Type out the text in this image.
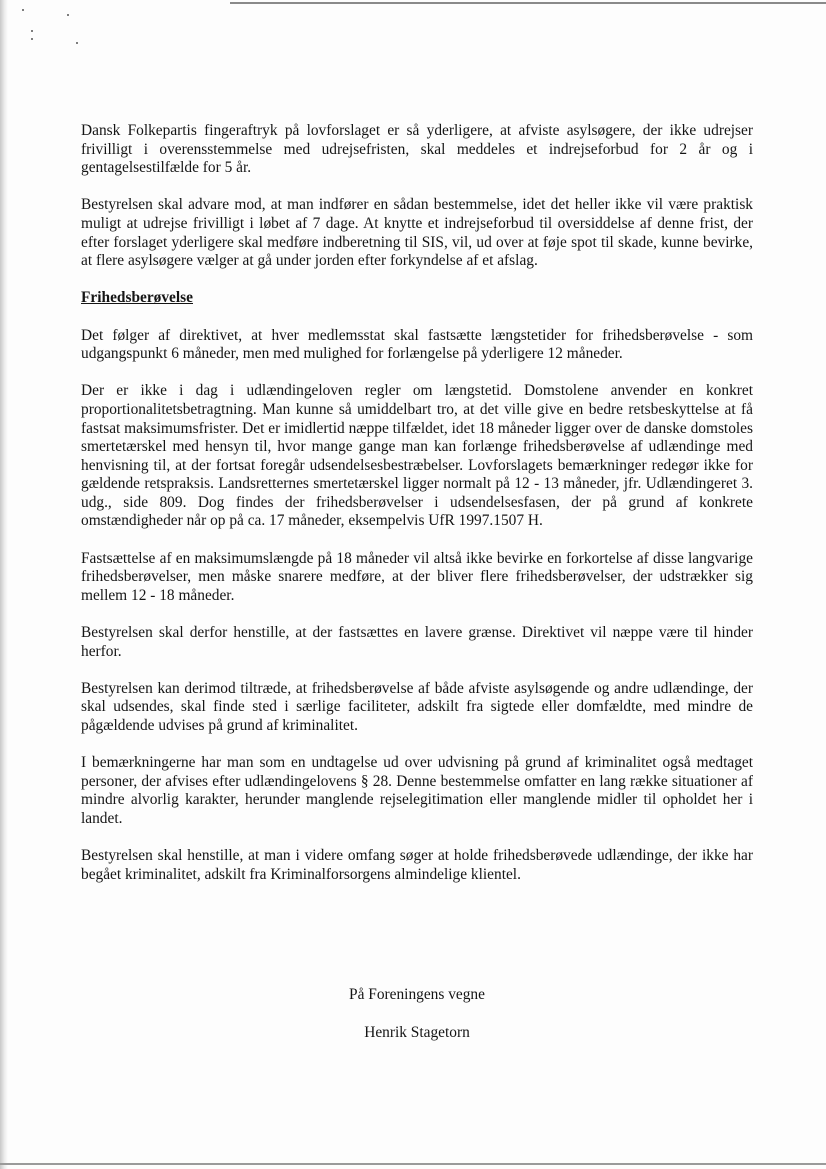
Dansk Folkepartis fingeraftryk på lovforslaget er så yderligere, at afviste asylsøgere, der ikke udrejser frivilligt i overensstemmelse med udrejsefristen, skal meddeles et indrejseforbud for 2 år og i gentagelsestilfælde for 5 år.

Bestyrelsen skal advare mod, at man indfører en sådan bestemmelse, idet det heller ikke vil være praktisk muligt at udrejse frivilligt i løbet af 7 dage. At knytte et indrejseforbud til oversiddelse af denne frist, der efter forslaget yderligere skal medføre indberetning til SIS, vil, ud over at føje spot til skade, kunne bevirke, at flere asylsøgere vælger at gå under jorden efter forkyndelse af et afslag.

Frihedsberøvelse

Det følger af direktivet, at hver medlemsstat skal fastsætte længstetider for frihedsberøvelse - som udgangspunkt 6 måneder, men med mulighed for forlængelse på yderligere 12 måneder.

Der er ikke i dag i udlændingeloven regler om længstetid. Domstolene anvender en konkret proportionalitetsbetragtning. Man kunne så umiddelbart tro, at det ville give en bedre retsbeskyttelse at få fastsat maksimumsfrister. Det er imidlertid næppe tilfældet, idet 18 måneder ligger over de danske domstoles smertetærskel med hensyn til, hvor mange gange man kan forlænge frihedsberøvelse af udlændinge med henvisning til, at der fortsat foregår udsendelsesbestræbelser. Lovforslagets bemærkninger redegør ikke for gældende retspraksis. Landsretternes smertetærskel ligger normalt på 12 - 13 måneder, jfr. Udlændingeret 3. udg., side 809. Dog findes der frihedsberøvelser i udsendelsesfasen, der på grund af konkrete omstændigheder når op på ca. 17 måneder, eksempelvis UfR 1997.1507 H.

Fastsættelse af en maksimumslængde på 18 måneder vil altså ikke bevirke en forkortelse af disse langvarige frihedsberøvelser, men måske snarere medføre, at der bliver flere frihedsberøvelser, der udstrækker sig mellem 12 - 18 måneder.

Bestyrelsen skal derfor henstille, at der fastsættes en lavere grænse. Direktivet vil næppe være til hinder herfor.

Bestyrelsen kan derimod tiltræde, at frihedsberøvelse af både afviste asylsøgende og andre udlændinge, der skal udsendes, skal finde sted i særlige faciliteter, adskilt fra sigtede eller domfældte, med mindre de pågældende udvises på grund af kriminalitet.

I bemærkningerne har man som en undtagelse ud over udvisning på grund af kriminalitet også medtaget personer, der afvises efter udlændingelovens § 28. Denne bestemmelse omfatter en lang række situationer af mindre alvorlig karakter, herunder manglende rejselegitimation eller manglende midler til opholdet her i landet.

Bestyrelsen skal henstille, at man i videre omfang søger at holde frihedsberøvede udlændinge, der ikke har begået kriminalitet, adskilt fra Kriminalforsorgens almindelige klientel.

På Foreningens vegne
Henrik Stagetorn
